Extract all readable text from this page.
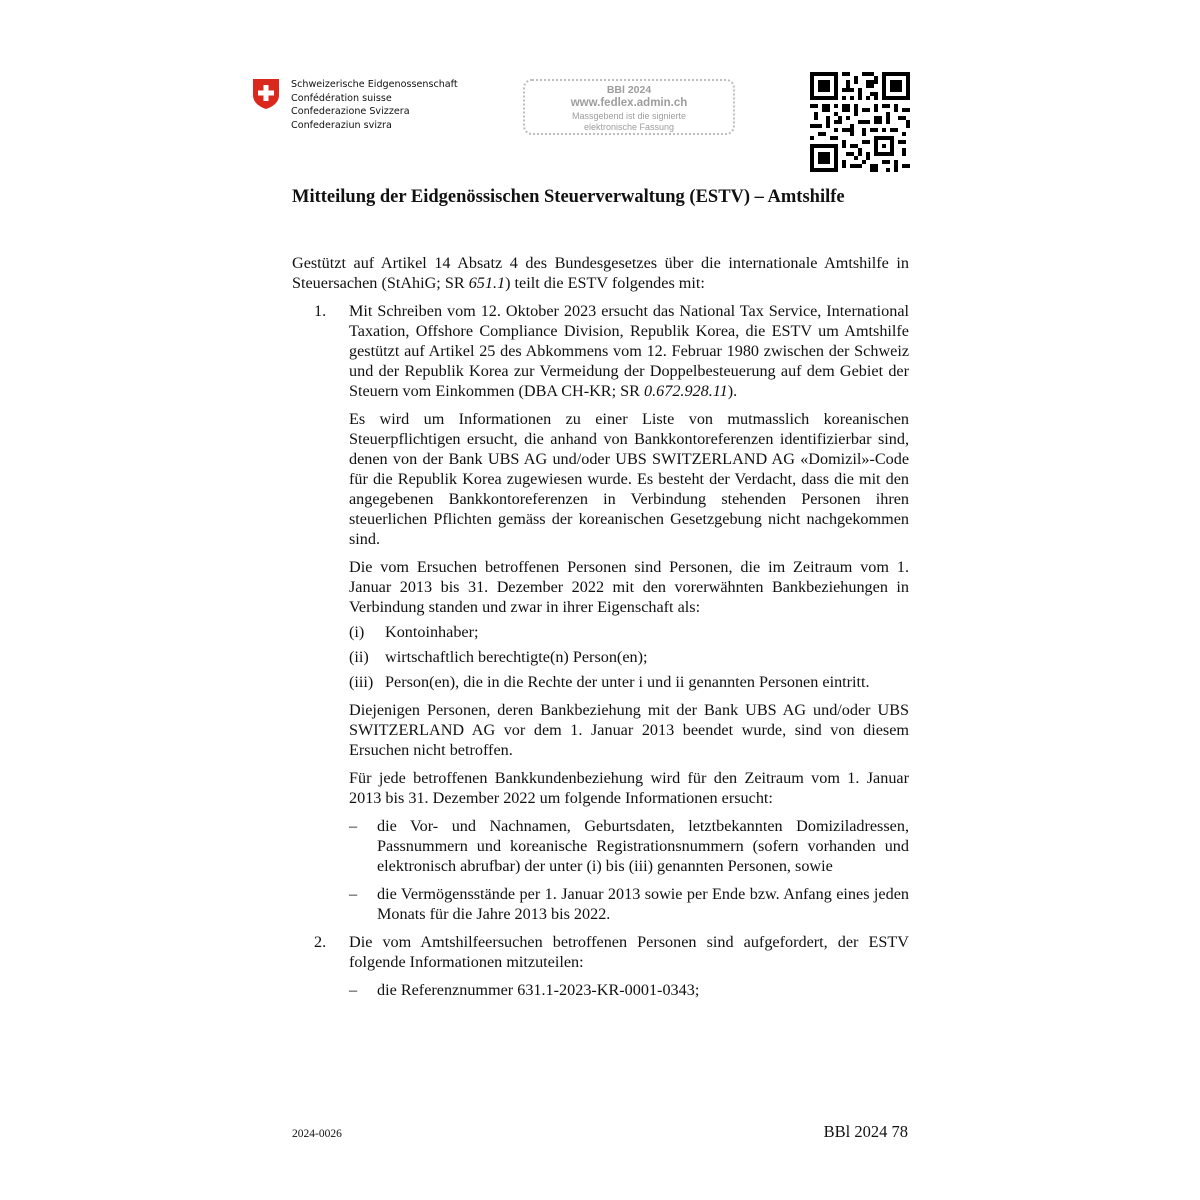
Schweizerische Eidgenossenschaft
Confédération suisse
Confederazione Svizzera
Confederaziun svizra
BBl 2024
www.fedlex.admin.ch
Massgebend ist die signierte
elektronische Fassung
Mitteilung der Eidgenössischen Steuerverwaltung (ESTV) – Amtshilfe

Gestützt auf Artikel 14 Absatz 4 des Bundesgesetzes über die internationale Amtshilfe in Steuersachen (StAhiG; SR 651.1) teilt die ESTV folgendes mit:

1.	Mit Schreiben vom 12. Oktober 2023 ersucht das National Tax Service, International Taxation, Offshore Compliance Division, Republik Korea, die ESTV um Amtshilfe gestützt auf Artikel 25 des Abkommens vom 12. Februar 1980 zwischen der Schweiz und der Republik Korea zur Vermeidung der Doppelbesteuerung auf dem Gebiet der Steuern vom Einkommen (DBA CH-KR; SR 0.672.928.11).

Es wird um Informationen zu einer Liste von mutmasslich koreanischen Steuerpflichtigen ersucht, die anhand von Bankkontoreferenzen identifizierbar sind, denen von der Bank UBS AG und/oder UBS SWITZERLAND AG «Domizil»-Code für die Republik Korea zugewiesen wurde. Es besteht der Verdacht, dass die mit den angegebenen Bankkontoreferenzen in Verbindung stehenden Personen ihren steuerlichen Pflichten gemäss der koreanischen Gesetzgebung nicht nachgekommen sind.

Die vom Ersuchen betroffenen Personen sind Personen, die im Zeitraum vom 1. Januar 2013 bis 31. Dezember 2022 mit den vorerwähnten Bankbeziehungen in Verbindung standen und zwar in ihrer Eigenschaft als:

(i)	Kontoinhaber;
(ii)	wirtschaftlich berechtigte(n) Person(en);
(iii) Person(en), die in die Rechte der unter i und ii genannten Personen eintritt.

Diejenigen Personen, deren Bankbeziehung mit der Bank UBS AG und/oder UBS SWITZERLAND AG vor dem 1. Januar 2013 beendet wurde, sind von diesem Ersuchen nicht betroffen.

Für jede betroffenen Bankkundenbeziehung wird für den Zeitraum vom 1. Januar 2013 bis 31. Dezember 2022 um folgende Informationen ersucht:

–	die Vor- und Nachnamen, Geburtsdaten, letztbekannten Domiziladressen, Passnummern und koreanische Registrationsnummern (sofern vorhanden und elektronisch abrufbar) der unter (i) bis (iii) genannten Personen, sowie
–	die Vermögensstände per 1. Januar 2013 sowie per Ende bzw. Anfang eines jeden Monats für die Jahre 2013 bis 2022.
2.	Die vom Amtshilfeersuchen betroffenen Personen sind aufgefordert, der ESTV folgende Informationen mitzuteilen:

–	die Referenznummer 631.1-2023-KR-0001-0343;
2024-0026	BBl 2024 78
